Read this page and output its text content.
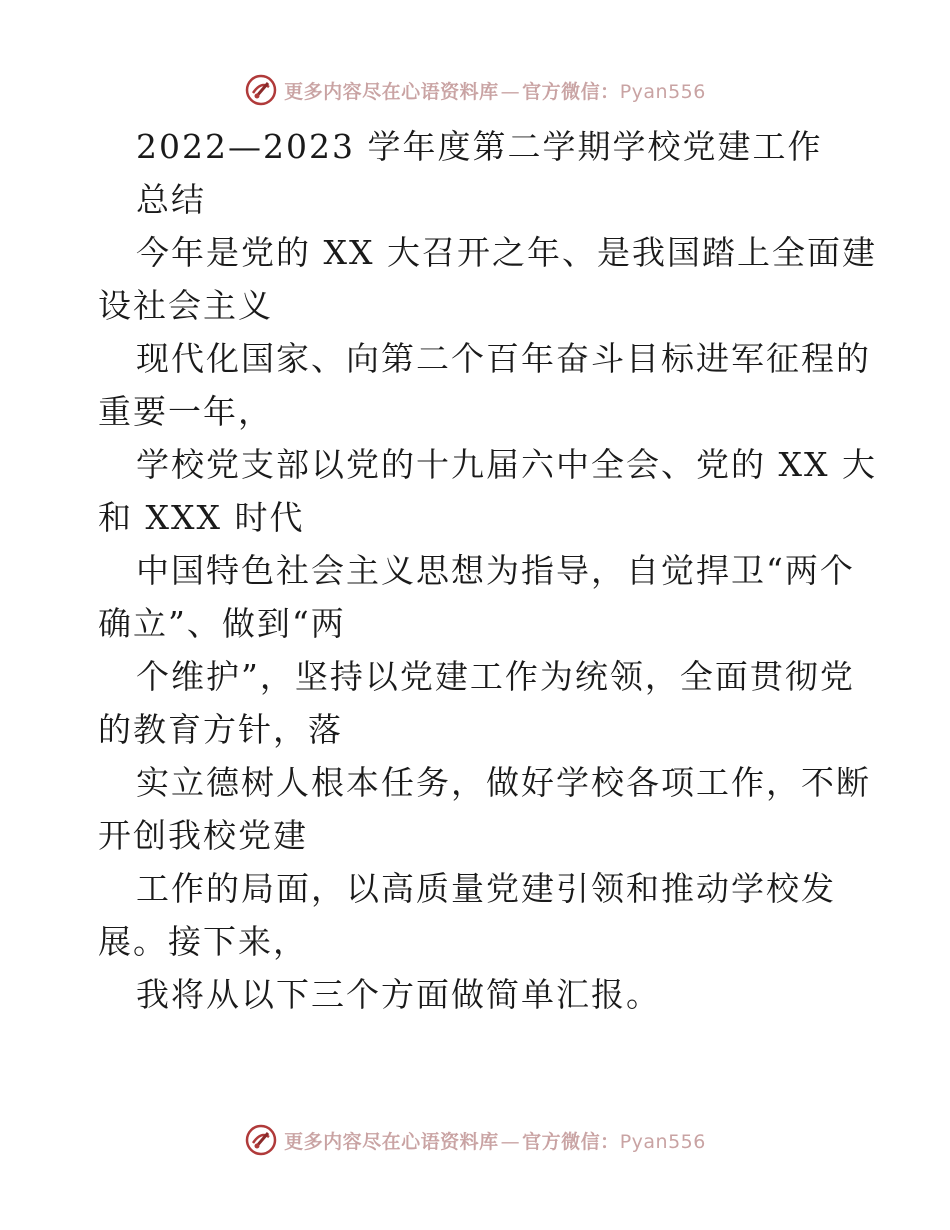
更多内容尽在心语资料库 — 官方微信：Pyan556
2022—2023 学年度第二学期学校党建工作
总结
今年是党的 XX 大召开之年、是我国踏上全面建
设社会主义
现代化国家、向第二个百年奋斗目标进军征程的
重要一年，
学校党支部以党的十九届六中全会、党的 XX 大
和 XXX 时代
中国特色社会主义思想为指导，自觉捍卫“两个
确立”、做到“两
个维护”，坚持以党建工作为统领，全面贯彻党
的教育方针，落
实立德树人根本任务，做好学校各项工作，不断
开创我校党建
工作的局面，以高质量党建引领和推动学校发
展。接下来，
我将从以下三个方面做简单汇报。
更多内容尽在心语资料库 — 官方微信：Pyan556
